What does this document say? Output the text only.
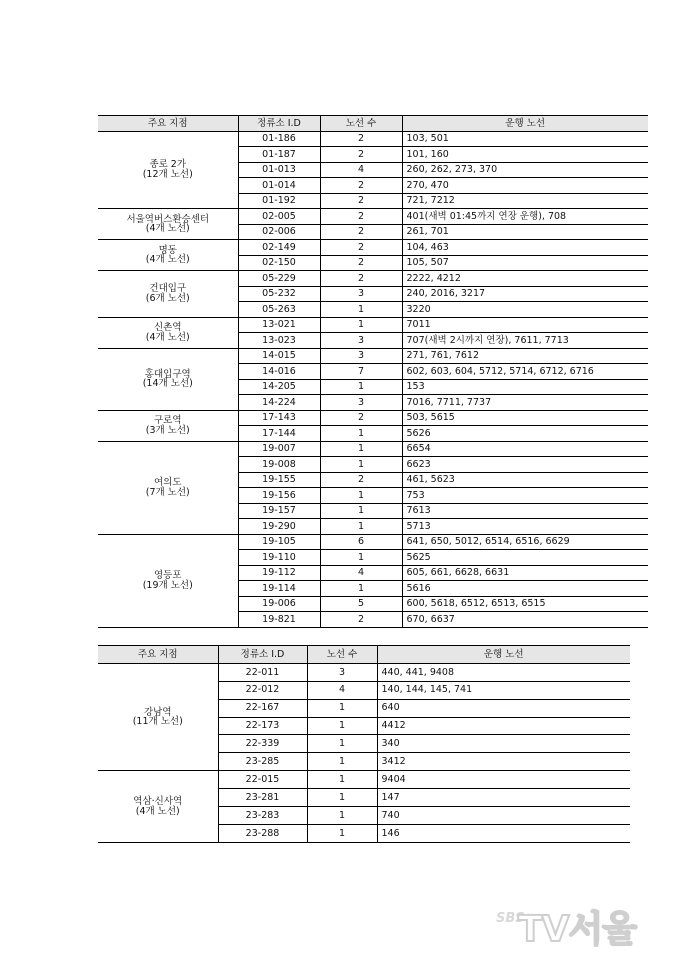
주요 지점	정류소 I.D	노선 수	운행 노선

종로 2가
(12개 노선)	01-186	2	103, 501
	01-187	2	101, 160
	01-013	4	260, 262, 273, 370
	01-014	2	270, 470
	01-192	2	721, 7212

서울역버스환승센터
(4개 노선)	02-005	2	401(새벽 01:45까지 연장 운행), 708
	02-006	2	261, 701

명동
(4개 노선)	02-149	2	104, 463
	02-150	2	105, 507

건대입구
(6개 노선)	05-229	2	2222, 4212
	05-232	3	240, 2016, 3217
	05-263	1	3220

신촌역
(4개 노선)	13-021	1	7011
	13-023	3	707(새벽 2시까지 연장), 7611, 7713

홍대입구역
(14개 노선)	14-015	3	271, 761, 7612
	14-016	7	602, 603, 604, 5712, 5714, 6712, 6716
	14-205	1	153
	14-224	3	7016, 7711, 7737

구로역
(3개 노선)	17-143	2	503, 5615
	17-144	1	5626

여의도
(7개 노선)	19-007	1	6654
	19-008	1	6623
	19-155	2	461, 5623
	19-156	1	753
	19-157	1	7613
	19-290	1	5713

영등포
(19개 노선)	19-105	6	641, 650, 5012, 6514, 6516, 6629
	19-110	1	5625
	19-112	4	605, 661, 6628, 6631
	19-114	1	5616
	19-006	5	600, 5618, 6512, 6513, 6515
	19-821	2	670, 6637
주요 지점	정류소 I.D	노선 수	운행 노선

강남역
(11개 노선)	22-011	3	440, 441, 9408
	22-012	4	140, 144, 145, 741
	22-167	1	640
	22-173	1	4412
	22-339	1	340
	23-285	1	3412

역삼·신사역
(4개 노선)	22-015	1	9404
	23-281	1	147
	23-283	1	740
	23-288	1	146
SBS
TV서울
